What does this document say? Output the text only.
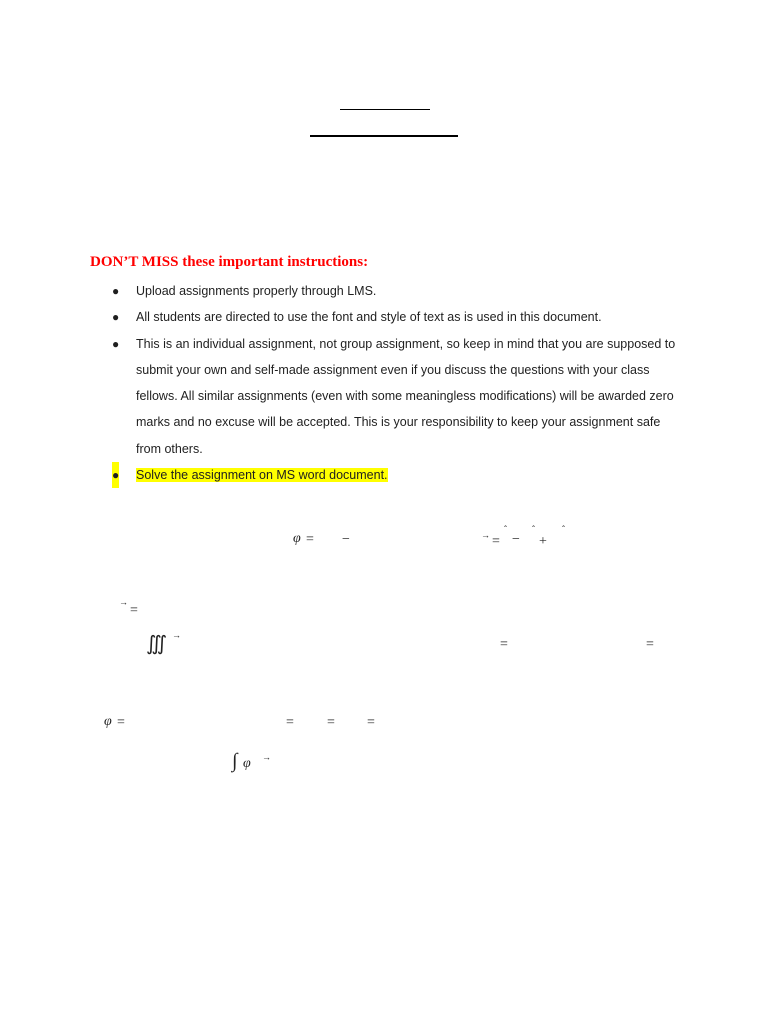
DON’T MISS these important instructions:
● Upload assignments properly through LMS.
● All students are directed to use the font and style of text as is used in this document.
● This is an individual assignment, not group assignment, so keep in mind that you are supposed to submit your own and self-made assignment even if you discuss the questions with your class fellows. All similar assignments (even with some meaningless modifications) will be awarded zero marks and no excuse will be accepted. This is your responsibility to keep your assignment safe from others.
● Solve the assignment on MS word document.
φ = −	→ =
ˆ
−
ˆ
+
ˆ
→
=
∭ →
=	=
φ =	= = =
∫ φ →
